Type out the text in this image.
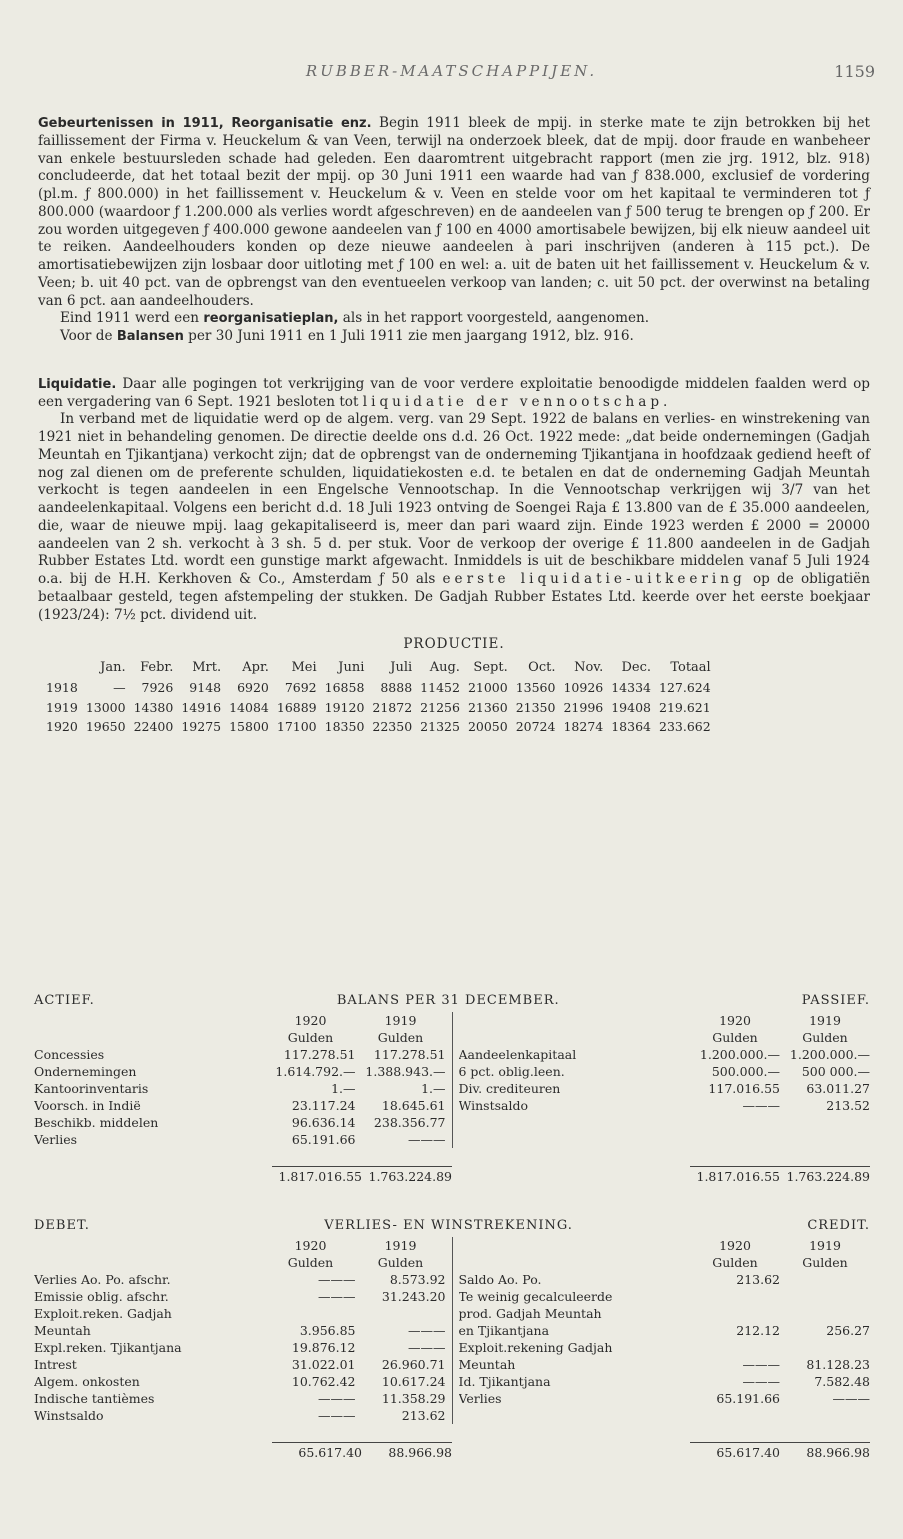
RUBBER-MAATSCHAPPIJEN.	1159

Gebeurtenissen in 1911, Reorganisatie enz. Begin 1911 bleek de mpij. in sterke mate te zijn betrokken bij het faillissement der Firma v. Heuckelum & van Veen, terwijl na onderzoek bleek, dat de mpij. door fraude en wanbeheer van enkele bestuursleden schade had geleden. Een daaromtrent uitgebracht rapport (men zie jrg. 1912, blz. 918) concludeerde, dat het totaal bezit der mpij. op 30 Juni 1911 een waarde had van ƒ 838.000, exclusief de vordering (pl.m. ƒ 800.000) in het faillissement v. Heuckelum & v. Veen en stelde voor om het kapitaal te verminderen tot ƒ 800.000 (waardoor ƒ 1.200.000 als verlies wordt afgeschreven) en de aandeelen van ƒ 500 terug te brengen op ƒ 200. Er zou worden uitgegeven ƒ 400.000 gewone aandeelen van ƒ 100 en 4000 amortisabele bewijzen, bij elk nieuw aandeel uit te reiken. Aandeelhouders konden op deze nieuwe aandeelen à pari inschrijven (anderen à 115 pct.). De amortisatiebewijzen zijn losbaar door uitloting met ƒ 100 en wel: a. uit de baten uit het faillissement v. Heuckelum & v. Veen; b. uit 40 pct. van de opbrengst van den eventueelen verkoop van landen; c. uit 50 pct. der overwinst na betaling van 6 pct. aan aandeelhouders.

Eind 1911 werd een reorganisatieplan, als in het rapport voorgesteld, aangenomen.

Voor de Balansen per 30 Juni 1911 en 1 Juli 1911 zie men jaargang 1912, blz. 916.

Liquidatie. Daar alle pogingen tot verkrijging van de voor verdere exploitatie benoodigde middelen faalden werd op een vergadering van 6 Sept. 1921 besloten tot liquidatie der vennootschap.

In verband met de liquidatie werd op de algem. verg. van 29 Sept. 1922 de balans en verlies- en winstrekening van 1921 niet in behandeling genomen. De directie deelde ons d.d. 26 Oct. 1922 mede: „dat beide ondernemingen (Gadjah Meuntah en Tjikantjana) verkocht zijn; dat de opbrengst van de onderneming Tjikantjana in hoofdzaak gediend heeft of nog zal dienen om de preferente schulden, liquidatiekosten e.d. te betalen en dat de onderneming Gadjah Meuntah verkocht is tegen aandeelen in een Engelsche Vennootschap. In die Vennootschap verkrijgen wij 3/7 van het aandeelenkapitaal. Volgens een bericht d.d. 18 Juli 1923 ontving de Soengei Raja £ 13.800 van de £ 35.000 aandeelen, die, waar de nieuwe mpij. laag gekapitaliseerd is, meer dan pari waard zijn. Einde 1923 werden £ 2000 = 20000 aandeelen van 2 sh. verkocht à 3 sh. 5 d. per stuk. Voor de verkoop der overige £ 11.800 aandeelen in de Gadjah Rubber Estates Ltd. wordt een gunstige markt afgewacht. Inmiddels is uit de beschikbare middelen vanaf 5 Juli 1924 o.a. bij de H.H. Kerkhoven & Co., Amsterdam ƒ 50 als eerste liquidatie-uitkeering op de obligatiën betaalbaar gesteld, tegen afstempeling der stukken. De Gadjah Rubber Estates Ltd. keerde over het eerste boekjaar (1923/24): 7½ pct. dividend uit.

PRODUCTIE.
	Jan.	Febr.	Mrt.	Apr.	Mei	Juni	Juli	Aug.	Sept.	Oct.	Nov.	Dec.	Totaal
1918	—	7926	9148	6920	7692	16858	8888	11452	21000	13560	10926	14334	127.624
1919	13000	14380	14916	14084	16889	19120	21872	21256	21360	21350	21996	19408	219.621
1920	19650	22400	19275	15800	17100	18350	22350	21325	20050	20724	18274	18364	233.662
ACTIEF.	BALANS PER 31 DECEMBER.	PASSIEF.
1920	1919
Gulden	Gulden
Concessies	117.278.51	117.278.51
Ondernemingen	1.614.792.— 1.388.943.—
Kantoorinventaris	1.—	1.—
Voorsch. in Indië	23.117.24	18.645.61
Beschikb. middelen	96.636.14	238.356.77
Verlies	65.191.66	———
1920	1919
Gulden	Gulden
Aandeelenkapitaal	1.200.000.— 1.200.000.—
6 pct. oblig.leen.	500.000.—	500 000.—
Div. crediteuren	117.016.55	63.011.27
Winstsaldo	———	213.52
1.817.016.55 1.763.224.89	1.817.016.55 1.763.224.89
DEBET.	VERLIES- EN WINSTREKENING.	CREDIT.
1920	1919
Gulden	Gulden
Verlies Ao. Po. afschr.	———	8.573.92
Emissie oblig. afschr.	———	31.243.20
Exploit.reken. Gadjah
Meuntah	3.956.85	———
Expl.reken. Tjikantjana	19.876.12	———
Intrest	31.022.01	26.960.71
Algem. onkosten	10.762.42	10.617.24
Indische tantièmes	———	11.358.29
Winstsaldo	———	213.62
1920	1919
Gulden	Gulden
Saldo Ao. Po.	213.62
Te weinig gecalculeerde
prod. Gadjah Meuntah
en Tjikantjana	212.12	256.27
Exploit.rekening Gadjah
Meuntah	———	81.128.23
Id. Tjikantjana	———	7.582.48
Verlies	65.191.66	———
65.617.40	88.966.98	65.617.40	88.966.98
